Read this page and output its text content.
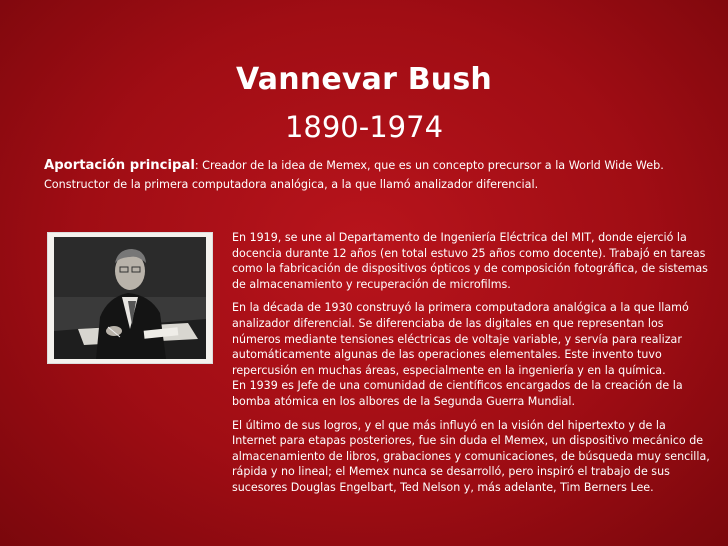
Vannevar Bush
1890-1974
Aportación principal: Creador de la idea de Memex, que es un concepto precursor a la World Wide Web. Constructor de la primera computadora analógica, a la que llamó analizador diferencial.

En 1919, se une al Departamento de Ingeniería Eléctrica del MIT, donde ejerció la docencia durante 12 años (en total estuvo 25 años como docente). Trabajó en tareas como la fabricación de dispositivos ópticos y de composición fotográfica, de sistemas de almacenamiento y recuperación de microfilms.

En la década de 1930 construyó la primera computadora analógica a la que llamó analizador diferencial. Se diferenciaba de las digitales en que representan los números mediante tensiones eléctricas de voltaje variable, y servía para realizar automáticamente algunas de las operaciones elementales. Este invento tuvo repercusión en muchas áreas, especialmente en la ingeniería y en la química.

En 1939 es Jefe de una comunidad de científicos encargados de la creación de la bomba atómica en los albores de la Segunda Guerra Mundial.

El último de sus logros, y el que más influyó en la visión del hipertexto y de la Internet para etapas posteriores, fue sin duda el Memex, un dispositivo mecánico de almacenamiento de libros, grabaciones y comunicaciones, de búsqueda muy sencilla, rápida y no lineal; el Memex nunca se desarrolló, pero inspiró el trabajo de sus sucesores Douglas Engelbart, Ted Nelson y, más adelante, Tim Berners Lee.
